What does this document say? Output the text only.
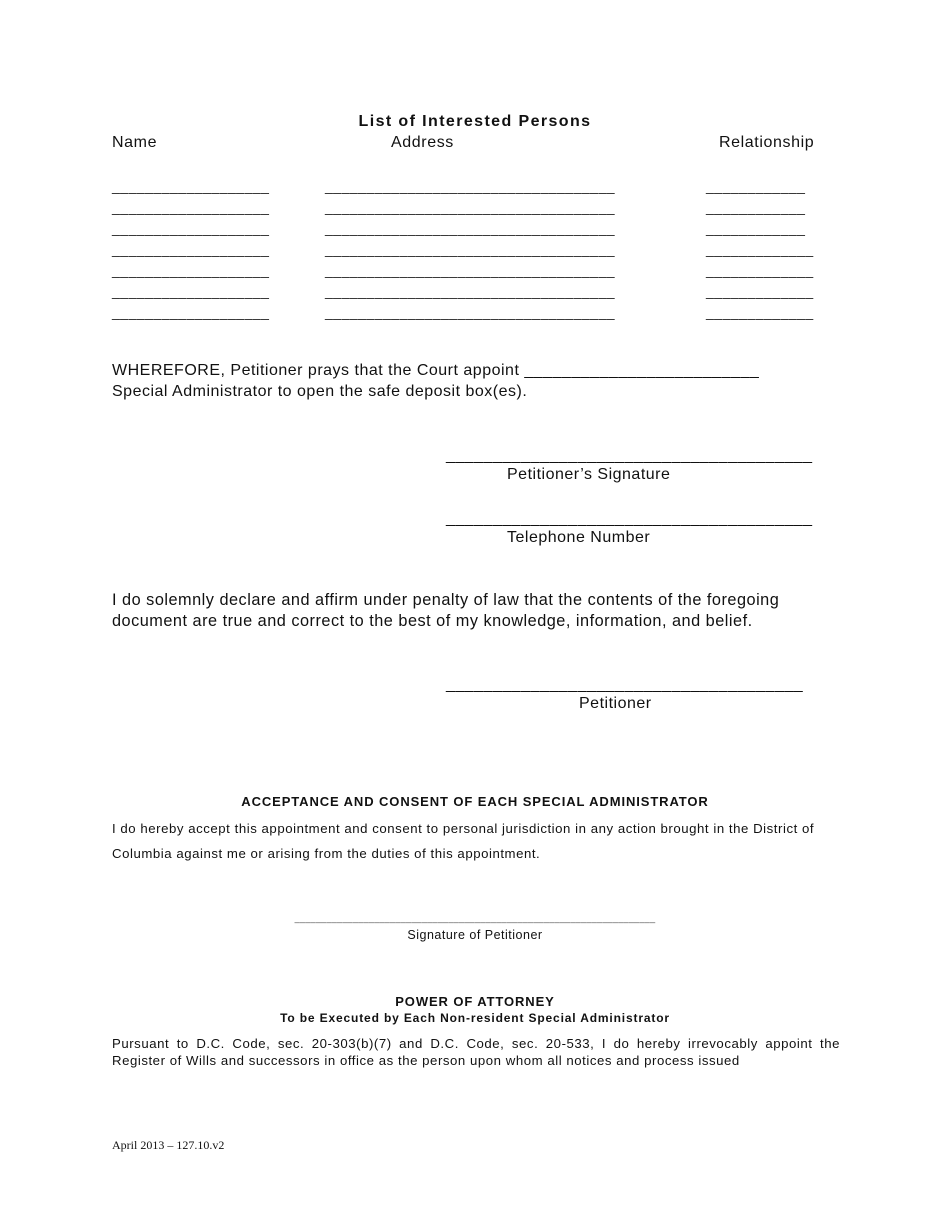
List of Interested Persons
Name	Address	Relationship
___________________	___________________________________	____________
___________________	___________________________________	____________
___________________	___________________________________	____________
___________________	___________________________________	_____________
___________________	___________________________________	_____________
___________________	___________________________________	_____________
___________________	___________________________________	_____________
WHEREFORE, Petitioner prays that the Court appoint _________________________
Special Administrator to open the safe deposit box(es).
_______________________________________
Petitioner’s Signature
_______________________________________
Telephone Number
I do solemnly declare and affirm under penalty of law that the contents of the foregoing document are true and correct to the best of my knowledge, information, and belief.
______________________________________
Petitioner
ACCEPTANCE AND CONSENT OF EACH SPECIAL ADMINISTRATOR
I do hereby accept this appointment and consent to personal jurisdiction in any action brought in the District of Columbia against me or arising from the duties of this appointment.
____________________________________________________________________
Signature of Petitioner
POWER OF ATTORNEY
To be Executed by Each Non-resident Special Administrator
Pursuant to D.C. Code, sec. 20-303(b)(7) and D.C. Code, sec. 20-533, I do hereby irrevocably appoint the Register of Wills and successors in office as the person upon whom all notices and process issued
April 2013 – 127.10.v2
